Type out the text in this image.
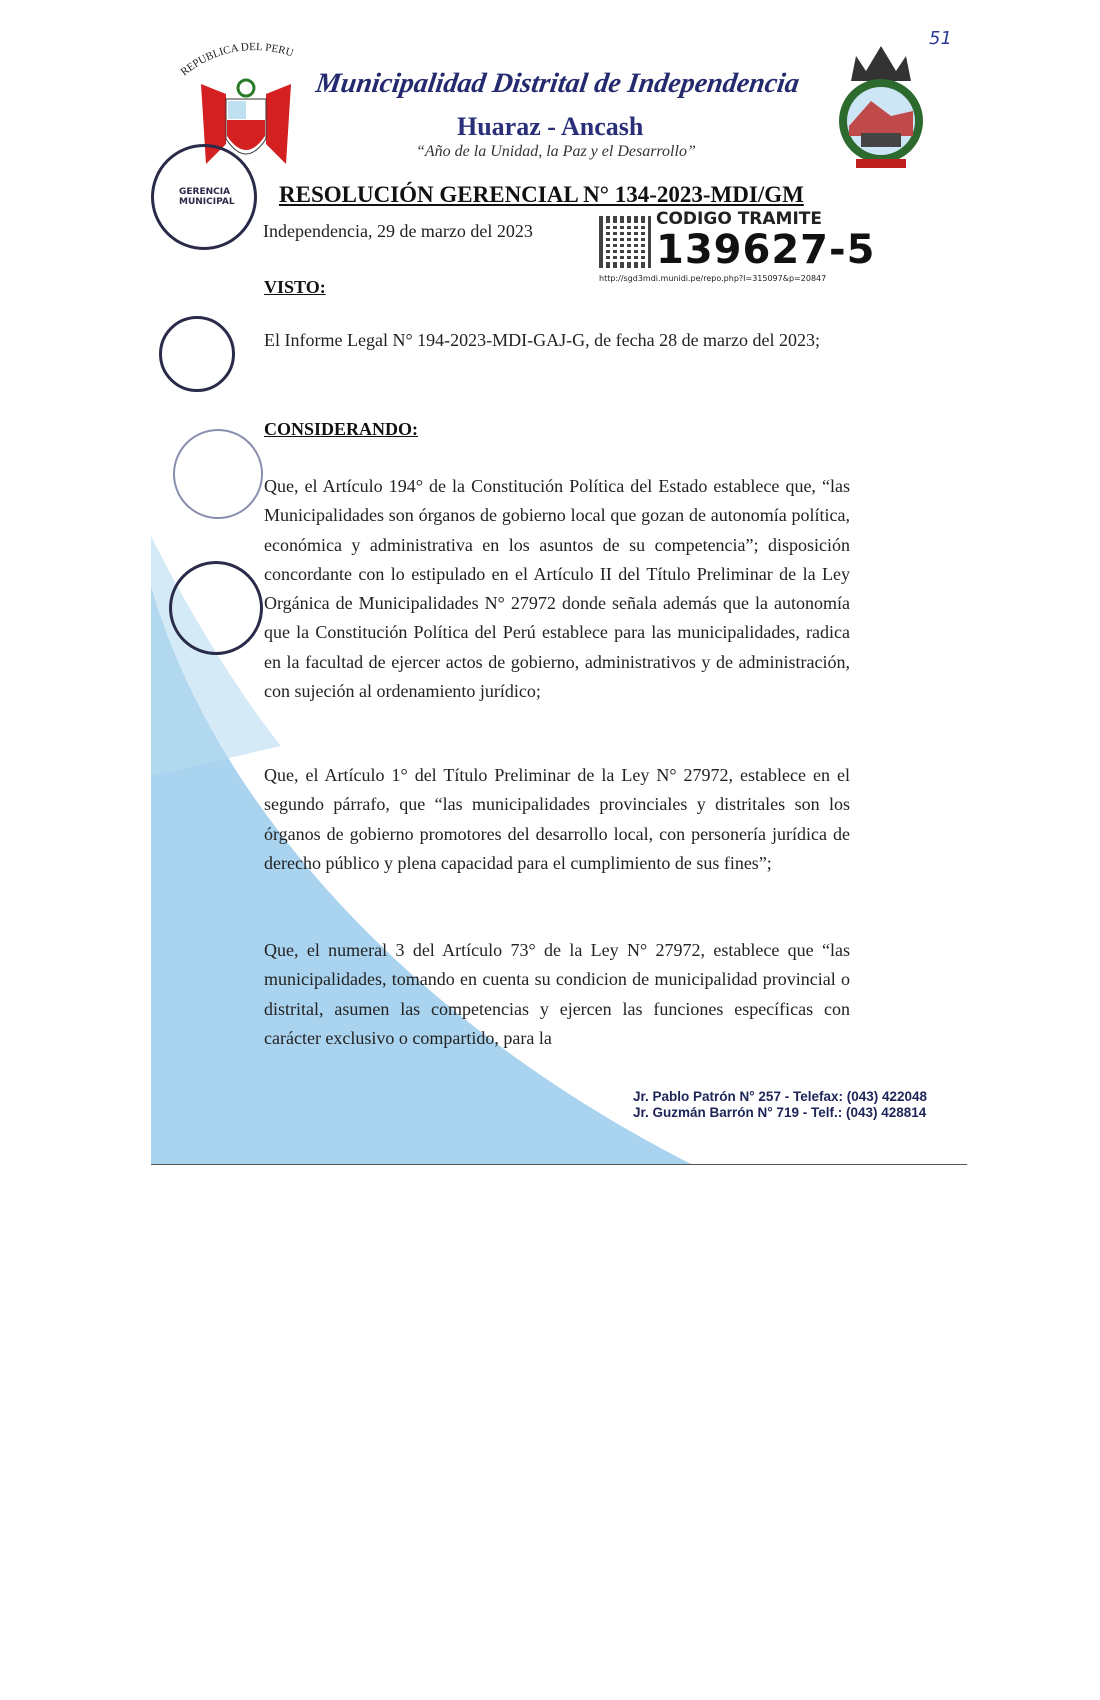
REPUBLICA DEL PERU
51
Municipalidad Distrital de Independencia
Huaraz - Ancash
“Año de la Unidad, la Paz y el Desarrollo”
GERENCIA MUNICIPAL RESOLUCIÓN GERENCIAL N° 134-2023-MDI/GM
Independencia, 29 de marzo del 2023
CODIGO TRAMITE
139627-5
http://sgd3mdi.munidi.pe/repo.php?I=315097&p=20847
VISTO:
El Informe Legal N° 194-2023-MDI-GAJ-G, de fecha 28 de marzo del 2023;
CONSIDERANDO:
Que, el Artículo 194° de la Constitución Política del Estado establece que, “las Municipalidades son órganos de gobierno local que gozan de autonomía política, económica y administrativa en los asuntos de su competencia”; disposición concordante con lo estipulado en el Artículo II del Título Preliminar de la Ley Orgánica de Municipalidades N° 27972 donde señala además que la autonomía que la Constitución Política del Perú establece para las municipalidades, radica en la facultad de ejercer actos de gobierno, administrativos y de administración, con sujeción al ordenamiento jurídico;
Que, el Artículo 1° del Título Preliminar de la Ley N° 27972, establece en el segundo párrafo, que “las municipalidades provinciales y distritales son los órganos de gobierno promotores del desarrollo local, con personería jurídica de derecho público y plena capacidad para el cumplimiento de sus fines”;
Que, el numeral 3 del Artículo 73° de la Ley N° 27972, establece que “las municipalidades, tomando en cuenta su condicion de municipalidad provincial o distrital, asumen las competencias y ejercen las funciones específicas con carácter exclusivo o compartido, para la
Jr. Pablo Patrón N° 257 - Telefax: (043) 422048
Jr. Guzmán Barrón N° 719 - Telf.: (043) 428814
